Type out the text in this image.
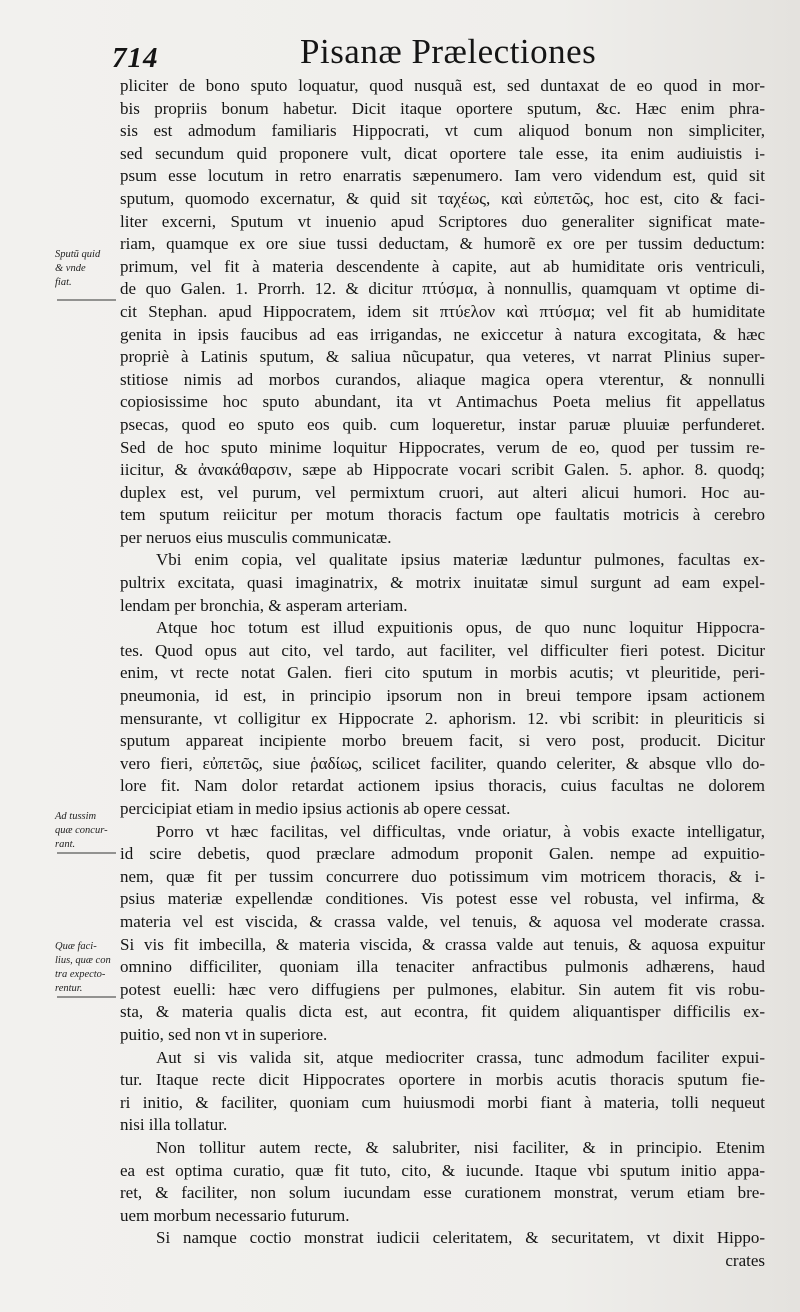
714	Pisanæ Prælectiones
Sputũ quid
& vnde
fiat.
Ad tussim
quæ concur-
rant.
Quæ faci-
lius, quæ con
tra expecto-
rentur.
pliciter de bono sputo loquatur, quod nusquã est, sed duntaxat de eo quod in mor-
bis propriis bonum habetur. Dicit itaque oportere sputum, &c. Hæc enim phra-
sis est admodum familiaris Hippocrati, vt cum aliquod bonum non simpliciter,
sed secundum quid proponere vult, dicat oportere tale esse, ita enim audiuistis i-
psum esse locutum in retro enarratis sæpenumero. Iam vero videndum est, quid sit
sputum, quomodo excernatur, & quid sit ταχέως, καὶ εὐπετῶς, hoc est, cito & faci-
liter excerni, Sputum vt inuenio apud Scriptores duo generaliter significat mate-
riam, quamque ex ore siue tussi deductam, & humorẽ ex ore per tussim deductum:
primum, vel fit à materia descendente à capite, aut ab humiditate oris ventriculi,
de quo Galen. 1. Prorrh. 12. & dicitur πτύσμα, à nonnullis, quamquam vt optime di-
cit Stephan. apud Hippocratem, idem sit πτύελον καὶ πτύσμα; vel fit ab humiditate
genita in ipsis faucibus ad eas irrigandas, ne exiccetur à natura excogitata, & hæc
propriè à Latinis sputum, & saliua nũcupatur, qua veteres, vt narrat Plinius super-
stitiose nimis ad morbos curandos, aliaque magica opera vterentur, & nonnulli
copiosissime hoc sputo abundant, ita vt Antimachus Poeta melius fit appellatus
psecas, quod eo sputo eos quib. cum loqueretur, instar paruæ pluuiæ perfunderet.
Sed de hoc sputo minime loquitur Hippocrates, verum de eo, quod per tussim re-
iicitur, & ἀνακάθαρσιν, sæpe ab Hippocrate vocari scribit Galen. 5. aphor. 8. quodq;
duplex est, vel purum, vel permixtum cruori, aut alteri alicui humori. Hoc au-
tem sputum reiicitur per motum thoracis factum ope faultatis motricis à cerebro
per neruos eius musculis communicatæ.
Vbi enim copia, vel qualitate ipsius materiæ læduntur pulmones, facultas ex-
pultrix excitata, quasi imaginatrix, & motrix inuitatæ simul surgunt ad eam expel-
lendam per bronchia, & asperam arteriam.
Atque hoc totum est illud expuitionis opus, de quo nunc loquitur Hippocra-
tes. Quod opus aut cito, vel tardo, aut faciliter, vel difficulter fieri potest. Dicitur
enim, vt recte notat Galen. fieri cito sputum in morbis acutis; vt pleuritide, peri-
pneumonia, id est, in principio ipsorum non in breui tempore ipsam actionem
mensurante, vt colligitur ex Hippocrate 2. aphorism. 12. vbi scribit: in pleuriticis si
sputum appareat incipiente morbo breuem facit, si vero post, producit. Dicitur
vero fieri, εὐπετῶς, siue ῥαδίως, scilicet faciliter, quando celeriter, & absque vllo do-
lore fit. Nam dolor retardat actionem ipsius thoracis, cuius facultas ne dolorem
percicipiat etiam in medio ipsius actionis ab opere cessat.
Porro vt hæc facilitas, vel difficultas, vnde oriatur, à vobis exacte intelligatur,
id scire debetis, quod præclare admodum proponit Galen. nempe ad expuitio-
nem, quæ fit per tussim concurrere duo potissimum vim motricem thoracis, & i-
psius materiæ expellendæ conditiones. Vis potest esse vel robusta, vel infirma, &
materia vel est viscida, & crassa valde, vel tenuis, & aquosa vel moderate crassa.
Si vis fit imbecilla, & materia viscida, & crassa valde aut tenuis, & aquosa expuitur
omnino difficiliter, quoniam illa tenaciter anfractibus pulmonis adhærens, haud
potest euelli: hæc vero diffugiens per pulmones, elabitur. Sin autem fit vis robu-
sta, & materia qualis dicta est, aut econtra, fit quidem aliquantisper difficilis ex-
puitio, sed non vt in superiore.
Aut si vis valida sit, atque mediocriter crassa, tunc admodum faciliter expui-
tur. Itaque recte dicit Hippocrates oportere in morbis acutis thoracis sputum fie-
ri initio, & faciliter, quoniam cum huiusmodi morbi fiant à materia, tolli nequeut
nisi illa tollatur.
Non tollitur autem recte, & salubriter, nisi faciliter, & in principio. Etenim
ea est optima curatio, quæ fit tuto, cito, & iucunde. Itaque vbi sputum initio appa-
ret, & faciliter, non solum iucundam esse curationem monstrat, verum etiam bre-
uem morbum necessario futurum.
Si namque coctio monstrat iudicii celeritatem, & securitatem, vt dixit Hippo-
crates
